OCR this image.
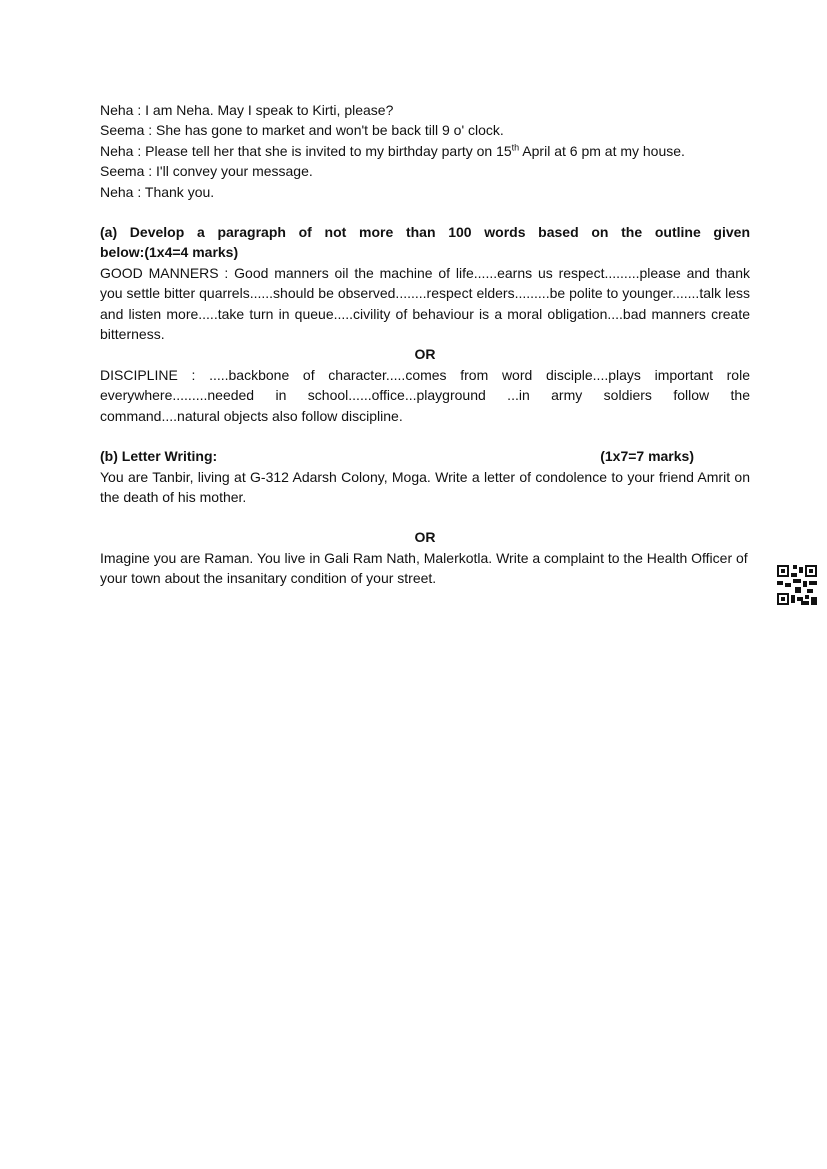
Neha : I am Neha. May I speak to Kirti, please?
Seema : She has gone to market and won't be back till 9 o' clock.
Neha : Please tell her that she is invited to my birthday party on 15th April at 6 pm at my house.
Seema : I'll convey your message.
Neha : Thank you.
(a) Develop a paragraph of not more than 100 words based on the outline given
below:(1x4=4 marks)
GOOD MANNERS : Good manners oil the machine of life......earns us respect.........please and thank you settle bitter quarrels......should be observed........respect elders.........be polite to younger.......talk less and listen more.....take turn in queue.....civility of behaviour is a moral obligation....bad manners create bitterness.
OR
DISCIPLINE : .....backbone of character.....comes from word disciple....plays important role everywhere.........needed in school......office...playground ...in army soldiers follow the command....natural objects also follow discipline.
(b) Letter Writing:	(1x7=7 marks)
You are Tanbir, living at G-312 Adarsh Colony, Moga. Write a letter of condolence to your friend Amrit on the death of his mother.
OR
Imagine you are Raman. You live in Gali Ram Nath, Malerkotla. Write a complaint to the Health Officer of your town about the insanitary condition of your street.
